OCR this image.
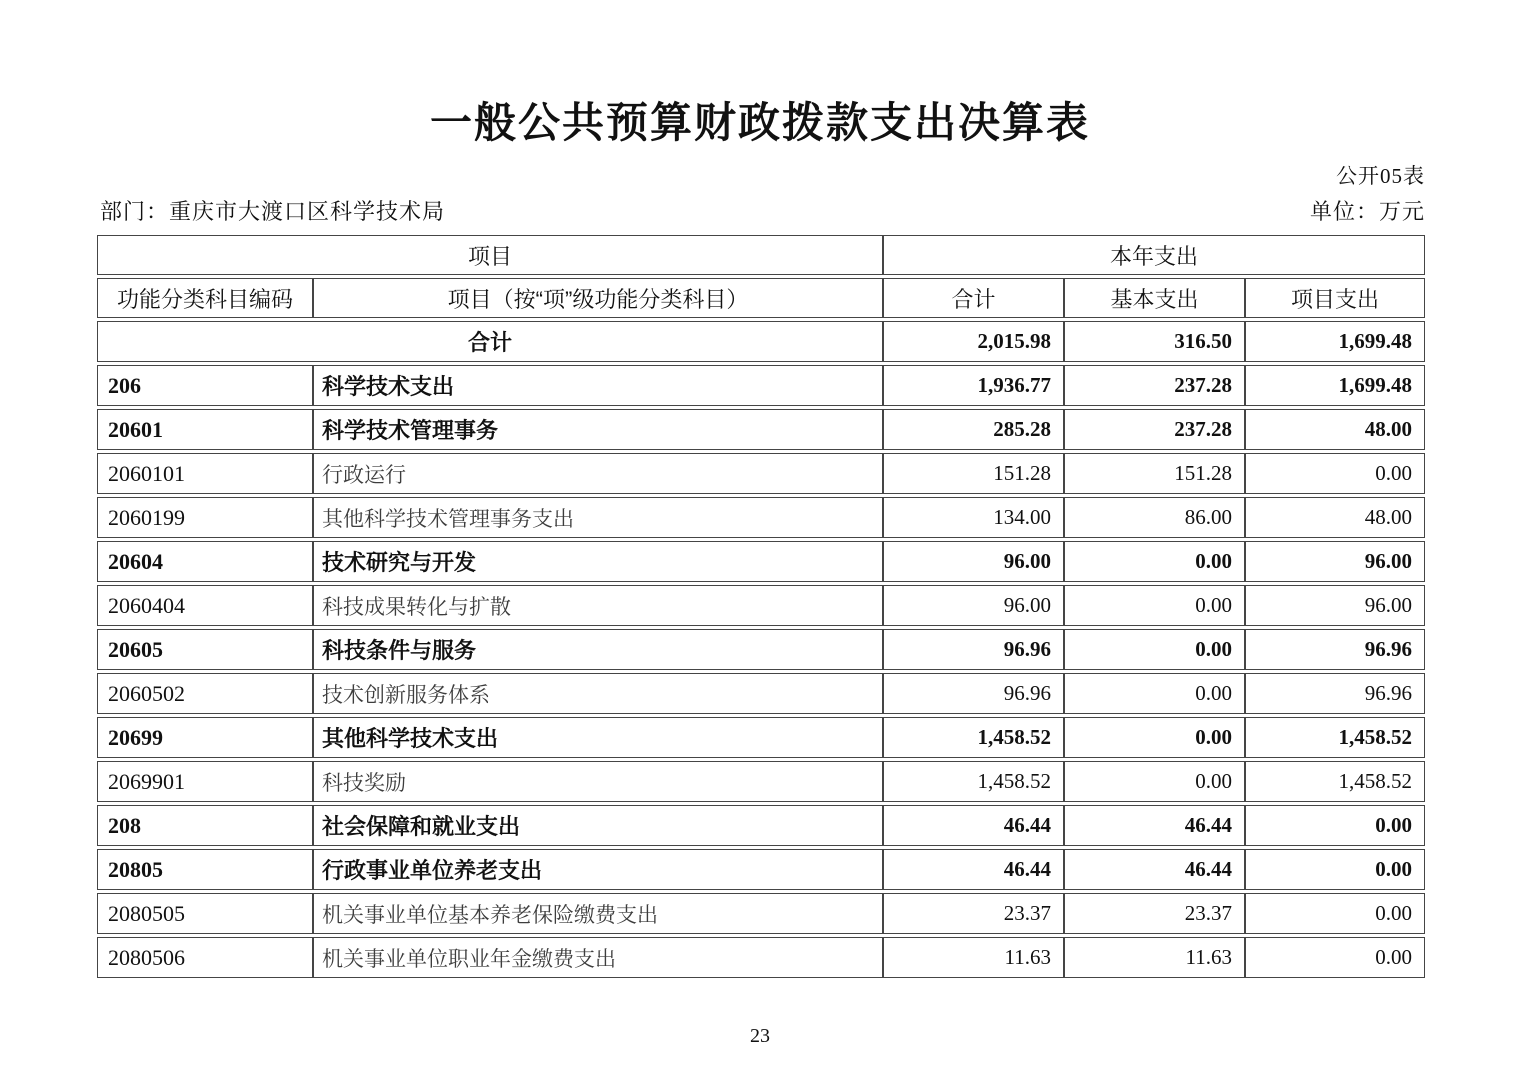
一般公共预算财政拨款支出决算表
公开05表
部门：重庆市大渡口区科学技术局	单位：万元
项目		本年支出		
功能分类科目编码	项目（按“项”级功能分类科目）	合计	基本支出	项目支出
合计		2,015.98	316.50	1,699.48
206	科学技术支出	1,936.77	237.28	1,699.48
20601	科学技术管理事务	285.28	237.28	48.00
2060101	行政运行	151.28	151.28	0.00
2060199	其他科学技术管理事务支出	134.00	86.00	48.00
20604	技术研究与开发	96.00	0.00	96.00
2060404	科技成果转化与扩散	96.00	0.00	96.00
20605	科技条件与服务	96.96	0.00	96.96
2060502	技术创新服务体系	96.96	0.00	96.96
20699	其他科学技术支出	1,458.52	0.00	1,458.52
2069901	科技奖励	1,458.52	0.00	1,458.52
208	社会保障和就业支出	46.44	46.44	0.00
20805	行政事业单位养老支出	46.44	46.44	0.00
2080505	机关事业单位基本养老保险缴费支出	23.37	23.37	0.00
2080506	机关事业单位职业年金缴费支出	11.63	11.63	0.00
23
